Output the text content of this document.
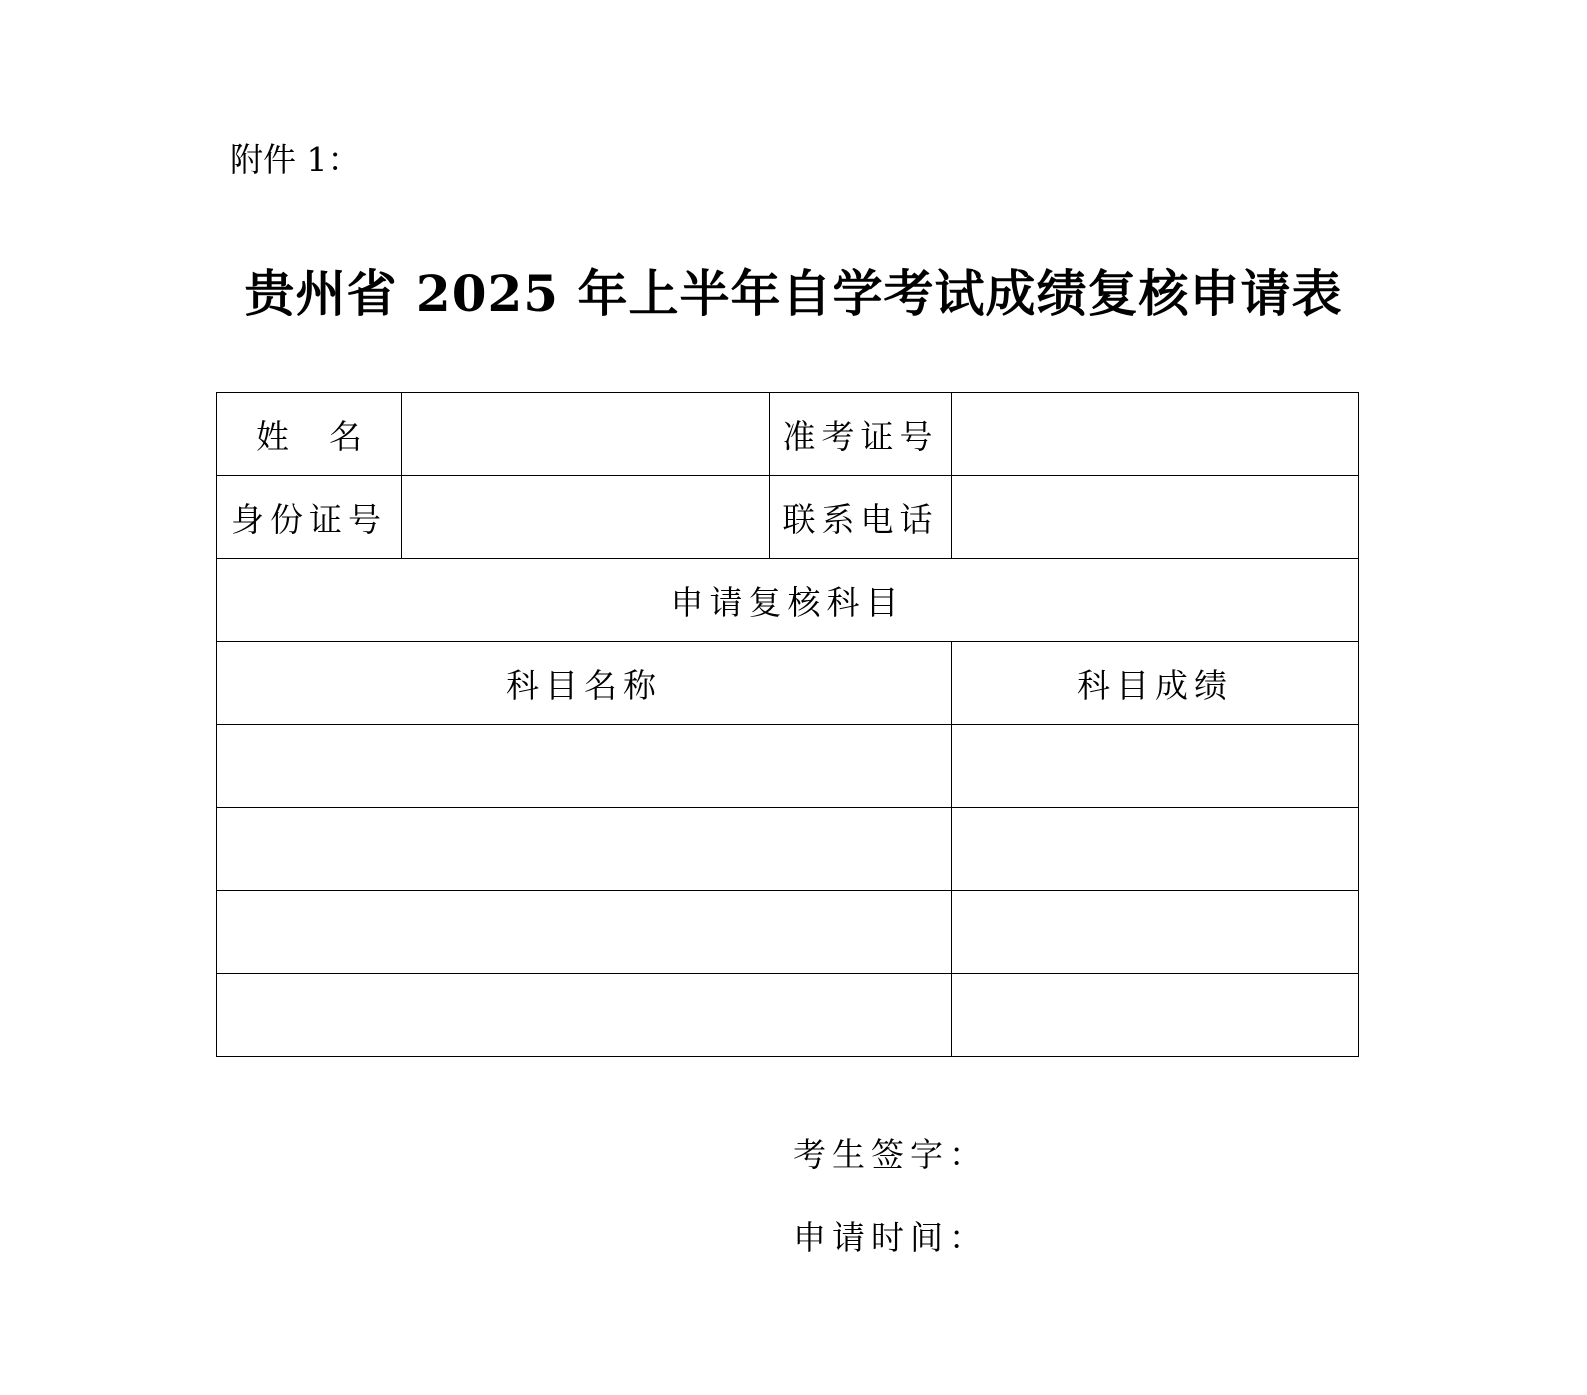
附件 1：
贵州省 2025 年上半年自学考试成绩复核申请表
姓 名		准考证号	
身份证号		联系电话	
申请复核科目			
科目名称			科目成绩

考生签字：
申请时间：
